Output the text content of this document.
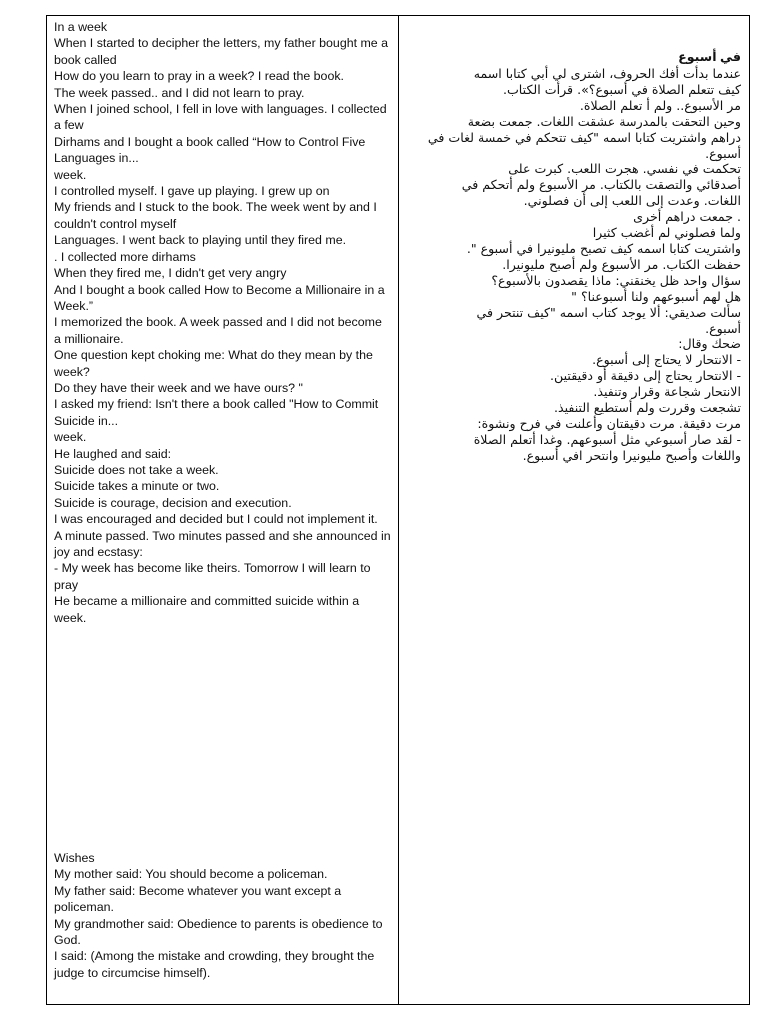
In a week

When I started to decipher the letters, my father bought me a book called

How do you learn to pray in a week? I read the book.

The week passed.. and I did not learn to pray.

When I joined school, I fell in love with languages. I collected a few

Dirhams and I bought a book called “How to Control Five Languages in...

week.

I controlled myself. I gave up playing. I grew up on

My friends and I stuck to the book. The week went by and I couldn't control myself

Languages. I went back to playing until they fired me.

. I collected more dirhams

When they fired me, I didn't get very angry

And I bought a book called How to Become a Millionaire in a Week.”

I memorized the book. A week passed and I did not become a millionaire.

One question kept choking me: What do they mean by the week?

Do they have their week and we have ours? "

I asked my friend: Isn't there a book called "How to Commit Suicide in...

week.

He laughed and said:

Suicide does not take a week.

Suicide takes a minute or two.

Suicide is courage, decision and execution.

I was encouraged and decided but I could not implement it.

A minute passed. Two minutes passed and she announced in joy and ecstasy:

- My week has become like theirs. Tomorrow I will learn to pray

He became a millionaire and committed suicide within a week.

Wishes

My mother said: You should become a policeman.

My father said: Become whatever you want except a policeman.

My grandmother said: Obedience to parents is obedience to God.

I said: (Among the mistake and crowding, they brought the judge to circumcise himself).

في أسبوع

عندما بدأت أفك الحروف، اشترى لي أبي كتابا اسمه

كيف تتعلم الصلاة في أسبوع؟». قرأت الكتاب.

مر الأسبوع.. ولم أ تعلم الصلاة.

وحين التحقت بالمدرسة عشقت اللغات. جمعت بضعة

دراهم واشتريت كتابا اسمه "كيف تتحكم في خمسة لغات في

أسبوع.

تحكمت في نفسي. هجرت اللعب. كبرت على

أصدقائي والتصقت بالكتاب. مر الأسبوع ولم أتحكم في

اللغات. وعدت إلى اللعب إلى أن فصلوني.

. جمعت دراهم أخرى

ولما فصلوني لم أغضب كثيرا

واشتريت كتابا اسمه كيف تصبح مليونيرا في أسبوع ".

حفظت الكتاب. مر الأسبوع ولم أصبح مليونيرا.

سؤال واحد ظل يخنقني: ماذا يقصدون بالأسبوع؟

هل لهم أسبوعهم ولنا أسبوعنا؟ "

سألت صديقي: ألا يوجد كتاب اسمه "كيف تنتحر في

أسبوع.

ضحك وقال:

- الانتحار لا يحتاج إلى أسبوع.

- الانتحار يحتاج إلى دقيقة أو دقيقتين.

الانتحار شجاعة وقرار وتنفيذ.

تشجعت وقررت ولم أستطيع التنفيذ.

مرت دقيقة. مرت دقيقتان وأعلنت في فرح ونشوة:

- لقد صار أسبوعي مثل أسبوعهم. وغدا أتعلم الصلاة

واللغات وأصبح مليونيرا وانتحر افي أسبوع.
